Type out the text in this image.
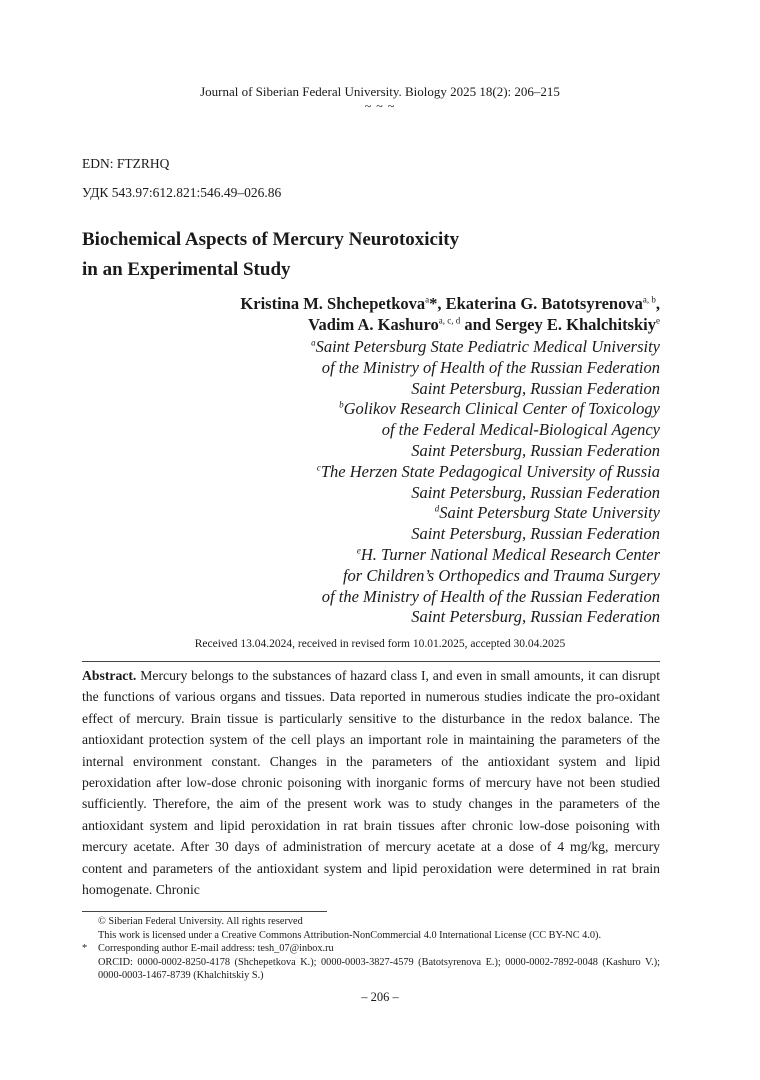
Journal of Siberian Federal University. Biology 2025 18(2): 206–215
~ ~ ~
EDN: FTZRHQ
УДК 543.97:612.821:546.49–026.86
Biochemical Aspects of Mercury Neurotoxicity
in an Experimental Study
Kristina M. Shchepetkova$^a$*, Ekaterina G. Batotsyrenova$^{a, b}$,
Vadim A. Kashuro$^{a, c, d}$ and Sergey E. Khalchitskiy$^e$
$^a$Saint Petersburg State Pediatric Medical University
of the Ministry of Health of the Russian Federation
Saint Petersburg, Russian Federation
$^b$Golikov Research Clinical Center of Toxicology
of the Federal Medical-Biological Agency
Saint Petersburg, Russian Federation
$^c$The Herzen State Pedagogical University of Russia
Saint Petersburg, Russian Federation
$^d$Saint Petersburg State University
Saint Petersburg, Russian Federation
$^e$H. Turner National Medical Research Center
for Children’s Orthopedics and Trauma Surgery
of the Ministry of Health of the Russian Federation
Saint Petersburg, Russian Federation
Received 13.04.2024, received in revised form 10.01.2025, accepted 30.04.2025
Abstract. Mercury belongs to the substances of hazard class I, and even in small amounts, it can disrupt the functions of various organs and tissues. Data reported in numerous studies indicate the pro-oxidant effect of mercury. Brain tissue is particularly sensitive to the disturbance in the redox balance. The antioxidant protection system of the cell plays an important role in maintaining the parameters of the internal environment constant. Changes in the parameters of the antioxidant system and lipid peroxidation after low-dose chronic poisoning with inorganic forms of mercury have not been studied sufficiently. Therefore, the aim of the present work was to study changes in the parameters of the antioxidant system and lipid peroxidation in rat brain tissues after chronic low-dose poisoning with mercury acetate. After 30 days of administration of mercury acetate at a dose of 4 mg/kg, mercury content and parameters of the antioxidant system and lipid peroxidation were determined in rat brain homogenate. Chronic
© Siberian Federal University. All rights reserved
This work is licensed under a Creative Commons Attribution-NonCommercial 4.0 International License (CC BY-NC 4.0).
* Corresponding author E-mail address: tesh_07@inbox.ru
ORCID: 0000-0002-8250-4178 (Shchepetkova K.); 0000-0003-3827-4579 (Batotsyrenova E.); 0000-0002-7892-0048 (Kashuro V.); 0000-0003-1467-8739 (Khalchitskiy S.)
– 206 –
